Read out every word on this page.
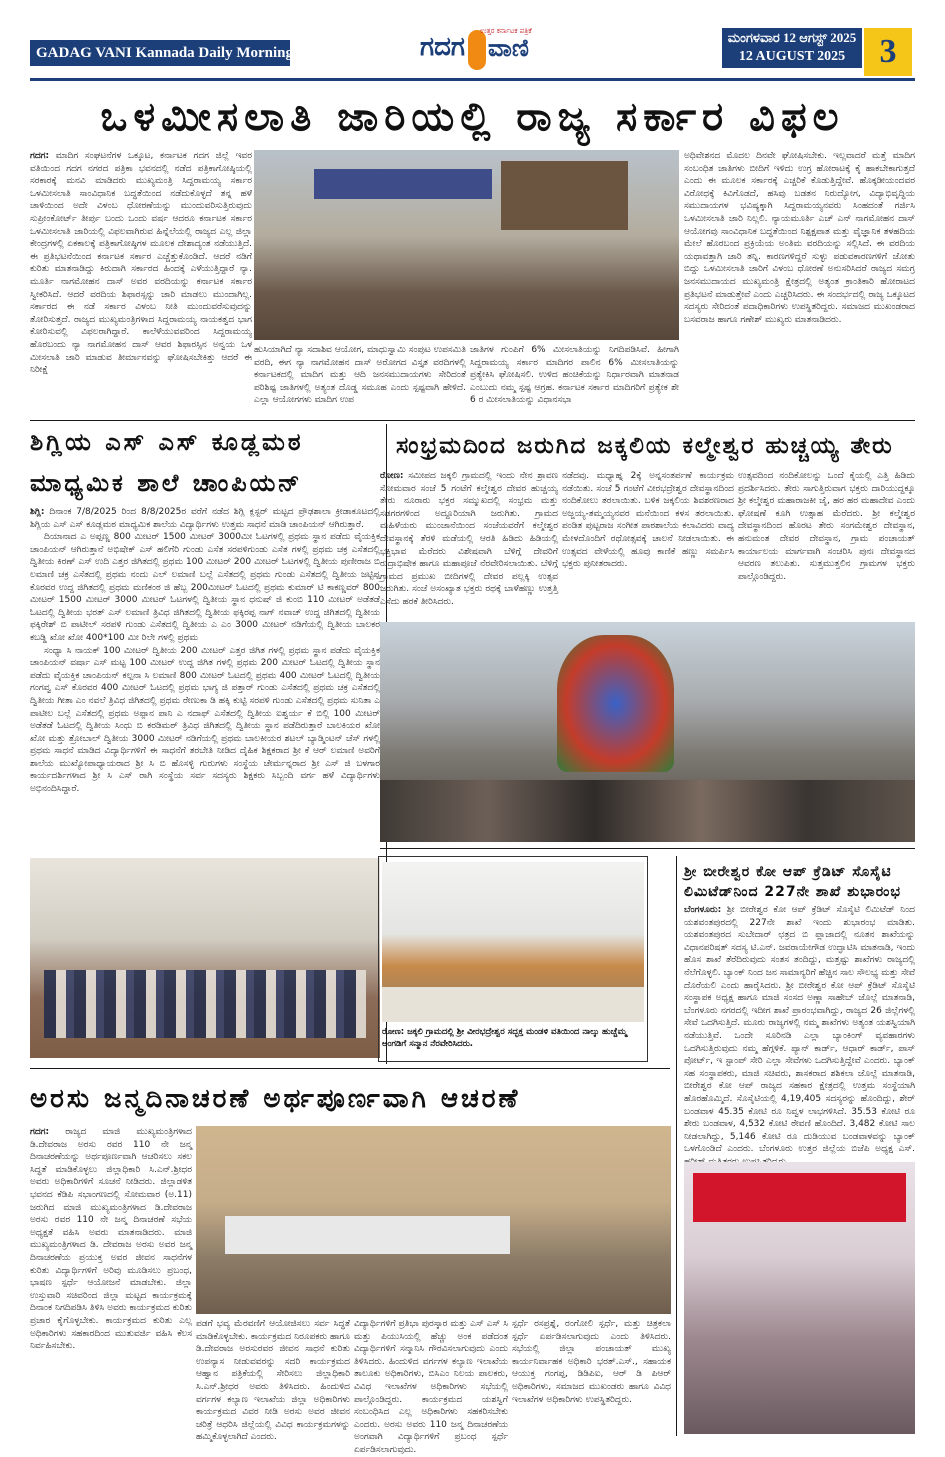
GADAG VANI Kannada Daily Morning	ಗದಗ
ಉತ್ತರ ಕರ್ನಾಟಕ ಪತ್ರಿಕೆ
ವಾಣಿ	ಮಂಗಳವಾರ 12 ಆಗಸ್ಟ್ 2025
12 AUGUST 2025	3
ಒಳಮೀಸಲಾತಿ ಜಾರಿಯಲ್ಲಿ ರಾಜ್ಯ ಸರ್ಕಾರ ವಿಫಲ
ಗದಗ: ಮಾದಿಗ ಸಂಘಟನೆಗಳ ಒಕ್ಕೂಟ, ಕರ್ನಾಟಕ ಗದಗ ಜಿಲ್ಲೆ ಇವರ ವತಿಯಿಂದ ಗದಗ ನಗರದ ಪತ್ರಿಕಾ ಭವನದಲ್ಲಿ ನಡೆದ ಪತ್ರಿಕಾಗೋಷ್ಠಿಯಲ್ಲಿ ಸರಕಾರಕ್ಕೆ ಮನವಿ ಮಾಡಿದರು ಮುಖ್ಯಮಂತ್ರಿ ಸಿದ್ದರಾಮಯ್ಯ ಸರ್ಕಾರ ಒಳಮೀಸಲಾತಿ ಸಾಂವಿಧಾನಿಕ ಬದ್ಧತೆಯಿಂದ ನಡೆದುಕೊಳ್ಳದೆ ತನ್ನ ಹಳೆ ಚಾಳಿಯಿಂದ ಅದೇ ವಿಳಂಬ ಧೋರಣೆಯನ್ನು ಮುಂದುವರಿಸುತ್ತಿರುವುದು ಸುಪ್ರೀಂಕೋರ್ಟ್ ತೀರ್ಪು ಬಂದು ಒಂದು ವರ್ಷ ಆದರೂ ಕರ್ನಾಟಕ ಸರ್ಕಾರ ಒಳಮೀಸಲಾತಿ ಜಾರಿಯಲ್ಲಿ ವಿಫಲವಾಗಿರುವ ಹಿನ್ನೆಲೆಯಲ್ಲಿ ರಾಜ್ಯದ ಎಲ್ಲ ಜಿಲ್ಲಾ ಕೇಂದ್ರಗಳಲ್ಲಿ ಏಕಕಾಲಕ್ಕೆ ಪತ್ರಿಕಾಗೋಷ್ಠಿಗಳ ಮೂಲಕ ದೇಶಾದ್ಯಂತ ನಡೆಯುತ್ತಿದೆ. ಈ ಪ್ರತಿಭಟನೆಯಿಂದ ಕರ್ನಾಟಕ ಸರ್ಕಾರ ಎಚ್ಚೆತ್ತುಕೊಂಡಿದೆ. ಆದರೆ ನಡಿಗೆ ಕುರಿತು ಮಾತನಾಡಿದ್ದು ಕಿರುದಾಗಿ ಸರ್ಕಾರದ ಹಿಂದಕ್ಕೆ ಎಳೆಯುತ್ತಿದ್ದಾರೆ ನ್ಯಾ. ಮೂರ್ತಿ ನಾಗಮೋಹನ ದಾಸ್ ಅವರ ವರದಿಯನ್ನು ಕರ್ನಾಟಕ ಸರ್ಕಾರ ಸ್ವೀಕರಿಸಿದೆ. ಆದರೆ ವರದಿಯ ಶಿಫಾರಸ್ಸನ್ನು ಜಾರಿ ಮಾಡಲು ಮುಂದಾಗಿಲ್ಲ. ಸರ್ಕಾರದ ಈ ನಡೆ ಸರ್ಕಾರ ವಿಳಂಬ ನೀತಿ ಮುಂದುವರೆಸುವುದನ್ನು ತೋರಿಸುತ್ತದೆ. ರಾಜ್ಯದ ಮುಖ್ಯಮಂತ್ರಿಗಳಾದ ಸಿದ್ದರಾಮಯ್ಯ ನಾಯಕತ್ವದ ಭಾಗ ಕೋರಿಸುವಲ್ಲಿ ವಿಫಲರಾಗಿದ್ದಾರೆ. ಕಾಲೆಳೆಯುವವರಿಂದ ಸಿದ್ದರಾಮಯ್ಯ ಹೊರಬಂದು ನ್ಯಾ ನಾಗಮೋಹನ ದಾಸ್ ಆವರ ಶಿಫಾರಸ್ಸಿನ ಅನ್ವಯ ಒಳ ಮೀಸಲಾತಿ ಜಾರಿ ಮಾಡುವ ತೀರ್ಮಾನವನ್ನು ಘೋಷಿಸಬೇಕಿತ್ತು ಆದರೆ ಈ ನಿರೀಕ್ಷೆ
ಹುಸಿಯಾಗಿದೆ ನ್ಯಾ ಸದಾಶಿವ ಆಯೋಗ, ಮಾಧುಸ್ವಾಮಿ ಸಂಪುಟ ಉಪಸಮಿತಿ ವರದಿ, ಈಗ ನ್ಯಾ ನಾಗಮೋಹನ ದಾಸ್ ಅರೋಗದ ವಿಸ್ತೃತ ವರದಿಗಳಲ್ಲಿ ಕರ್ನಾಟಕದಲ್ಲಿ ಮಾದಿಗ ಮತ್ತು ಆದಿ ಜನಸಮುದಾಯಗಳು ಸೇರಿದಂತೆ ಪರಿಶಿಷ್ಟ ಜಾತಿಗಳಲ್ಲಿ ಅತ್ಯಂತ ದೊಡ್ಡ ಸಮೂಹ ಎಂದು ಸ್ಪಷ್ಟವಾಗಿ ಹೇಳಿದೆ. ಎಲ್ಲಾ ಆಯೋಗಗಳು ಮಾದಿಗ ಉಪ
ಜಾತಿಗಳ ಗುಂಪಿಗೆ 6% ಮೀಸಲಾತಿಯನ್ನು ನಿಗದಿಪಡಿಸಿವೆ. ಹೀಗಾಗಿ ಸಿದ್ದರಾಮಯ್ಯ ಸರ್ಕಾರ ಮಾದಿಗರ ಪಾಲಿನ 6% ಮೀಸಲಾತಿಯನ್ನು ಪ್ರತ್ಯೇಕಿಸಿ ಘೋಷಿಸಲಿ. ಉಳಿದ ಹಂಚಿಕೆಯನ್ನು ನಿರ್ಧಾರವಾಗಿ ಮಾತನಾಡ ಎಂಬುದು ನಮ್ಮ ಸ್ಪಷ್ಟ ಆಗ್ರಹ. ಕರ್ನಾಟಕ ಸರ್ಕಾರ ಮಾದಿಗರಿಗೆ ಪ್ರತ್ಯೇಕ ಶೇ 6 ರ ಮೀಸಲಾತಿಯನ್ನು ವಿಧಾನಸಭಾ
ಅಧಿವೇಶನದ ಮೊದಲ ದಿನವೇ ಘೋಷಿಸಬೇಕು. ಇಲ್ಲವಾದರೆ ಮತ್ತೆ ಮಾದಿಗ ಸಂಬಂಧಿತ ಜಾತಿಗಳು ಬೀದಿಗೆ ಇಳಿದು ಉಗ್ರ ಹೋರಾಟಕ್ಕೆ ಕೈ ಹಾಕಬೇಕಾಗುತ್ತದೆ ಎಂದು ಈ ಮೂಲಕ ಸರ್ಕಾರಕ್ಕೆ ಎಚ್ಚರಿಕೆ ಕೊಡುತ್ತಿದ್ದೇವೆ. ಹೊಕ್ಕಡೀಯಂದವರ ವಿರೋಧಕ್ಕೆ ಕಿವಿಗೊಡದೆ, ಹಸಿವು ಬಡತನ ನಿರುದ್ಯೋಗ, ವಿದ್ಯಾಭಿವೃದ್ಧಿಯ ಸಮುದಾಯಗಳ ಭವಿಷ್ಯಕ್ಕಾಗಿ ಸಿದ್ದರಾಮಯ್ಯನವರು ಸಿಂಹದಂತೆ ಗರ್ಜಿಸಿ ಒಳಮೀಸಲಾತಿ ಜಾರಿ ನಿಲ್ಲಲಿ. ನ್ಯಾಯಮೂರ್ತಿ ಎಚ್ ಎನ್ ನಾಗಮೋಹನ ದಾಸ್ ಆಯೋಗವು ಸಾಂವಿಧಾನಿಕ ಬದ್ಧತೆಯಿಂದ ನಿಶ್ಪಕ್ಷಪಾತ ಮತ್ತು ವೈಜ್ಞಾನಿಕ ತಳಹದಿಯ ಮೇಲೆ ಹೊರಬಂದ ಪ್ರಕ್ರಿಯೆಯ ಅಂತಿಮ ವರದಿಯನ್ನು ಸಲ್ಲಿಸಿದೆ. ಈ ವರದಿಯ ಯಥಾವತ್ತಾಗಿ ಜಾರಿ ತನ್ನಿ. ಕಾರಣಗಳಿದ್ದರೆ ಸುಳ್ಳು ಪಡುವಕಾರಣಗಳಿಗೆ ಜೋತು ಬಿದ್ದು ಒಳಮೀಸಲಾತಿ ಜಾರಿಗೆ ವಿಳಂಬ ಧೋರಣೆ ಅನುಸರಿಸಿದರೆ ರಾಜ್ಯದ ಸಮಗ್ರ ಜನಸಮುದಾಯದ ಮುಖ್ಯಮಂತ್ರಿ ಕ್ಷೇತ್ರದಲ್ಲಿ ಅತ್ಯಂತ ಕ್ರಾಂತಿಕಾರಿ ಹೋರಾಟದ ಪ್ರತಿಭಟನೆ ಮಾಡುತ್ತೇವೆ ಎಂದು ಎಚ್ಚರಿಸಿದರು. ಈ ಸಂದರ್ಭದಲ್ಲಿ ರಾಜ್ಯ ಒಕ್ಕೂಟದ ಸದಸ್ಯರು ಸೇರಿದಂತೆ ಪದಾಧಿಕಾರಿಗಳು ಉಪಸ್ಥಿತರಿದ್ದರು. ಸಮಾಜದ ಮುಖಂಡರಾದ ಬಸವರಾಜ ಹಾಗೂ ಗಣೇಶ್ ಮುಖ್ಯರು ಮಾತನಾಡಿದರು.
ಶಿಗ್ಲಿಯ ಎಸ್ ಎಸ್ ಕೂಡ್ಲಮಠ
ಮಾಧ್ಯಮಿಕ ಶಾಲೆ ಚಾಂಪಿಯನ್

ಶಿಗ್ಲಿ: ದಿನಾಂಕ 7/8/2025 ರಿಂದ 8/8/2025ರ ವರೆಗೆ ನಡೆದ ಶಿಗ್ಲಿ ಕ್ಲಸ್ಟರ್ ಮಟ್ಟದ ಪ್ರೌಢಶಾಲಾ ಕ್ರೀಡಾಕೂಟದಲ್ಲಿ ಶಿಗ್ಲಿಯ ಎಸ್ ಎಸ್ ಕೂಡ್ಲಮಠ ಮಾಧ್ಯಮಿಕ ಶಾಲೆಯ ವಿದ್ಯಾರ್ಥಿಗಳು ಉತ್ತಮ ಸಾಧನೆ ಮಾಡಿ ಚಾಂಪಿಯನ್ ಆಗಿರುತ್ತಾರೆ.

ದಿಯಾನಾದ ಎ ಅಪ್ಪಣ್ಣ 800 ಮೀಟರ್ 1500 ಮೀಟರ್ 3000ಮೀ ಓಟಗಳಲ್ಲಿ ಪ್ರಥಮ ಸ್ಥಾನ ಪಡೆದು ವೈಯಕ್ತಿಕ ಚಾಂಪಿಯನ್ ಆಗಿರುತ್ತಾನೆ ಅಭಿಷೇಕ್ ಎಸ್ ಹಲಿಗೆರಿ ಗುಂಡು ಎಸೆತ ಸರಪಳಿಗುಂಡು ಎಸೆತ ಗಳಲ್ಲಿ ಪ್ರಥಮ ಚಕ್ರ ಎಸೆತದಲ್ಲಿ ದ್ವಿತೀಯ ಕಿರಣ್ ಎಸ್ ಉದಿ ಎತ್ತರ ಜಿಗಿತದಲ್ಲಿ ಪ್ರಥಮ 100 ಮೀಟರ್ 200 ಮೀಟರ್ ಓಟಗಳಲ್ಲಿ ದ್ವಿತೀಯ ಪುಣೀರಾಜ ಬಿ ಲಮಾಣಿ ಚಕ್ರ ಎಸೆತದಲ್ಲಿ ಪ್ರಥಮ ನಂದು ಎಲ್ ಲಮಾಣಿ ಬಲ್ಲೆ ಎಸೆತದಲ್ಲಿ ಪ್ರಥಮ ಗುಂಡು ಎಸೆತದಲ್ಲಿ ದ್ವಿತೀಯ ಜಟ್ಟಿಪ್ಪ ಕೊರವರ ಉದ್ದ ಜಿಗಿತದಲ್ಲಿ ಪ್ರಥಮ ಮಣಿಕಂಠ ಜಿ ಹೆಬ್ಬ 200ಮೀಟರ್ ಓಟದಲ್ಲಿ ಪ್ರಥಮ ಕುಮಾರ್ ಟಿ ಕಾಕಣ್ಣವರ್ 800 ಮೀಟರ್ 1500 ಮೀಟರ್ 3000 ಮೀಟರ್ ಓಟಗಳಲ್ಲಿ ದ್ವಿತೀಯ ಸ್ಥಾನ ಧನುಷ್ ಜಿ ಕುಂಬಿ 110 ಮೀಟರ್ ಅಡೆತಡೆ ಓಟದಲ್ಲಿ ದ್ವಿತೀಯ ಭರತ್ ಎಸ್ ಲಮಾಣಿ ತ್ರಿವಿಧ ಜಿಗಿತದಲ್ಲಿ ದ್ವಿತೀಯ ಫಕ್ಕಿರಪ್ಪ ನಾಗ್ ನವಾಜ್ ಉದ್ದ ಜಿಗಿತದಲ್ಲಿ ದ್ವಿತೀಯ ಫಕ್ಕಿರೇಶ್ ಬಿ ಪಾಟೀಲ್ ಸರಪಳಿ ಗುಂಡು ಎಸೆತದಲ್ಲಿ ದ್ವಿತೀಯ ಎ ಎಂ 3000 ಮೀಟರ್ ನಡಿಗೆಯಲ್ಲಿ ದ್ವಿತೀಯ ಬಾಲಕರ ಕಬಡ್ಡಿ ಖೋ ಖೋ 400*100 ಮೀ ರಿಲೇ ಗಳಲ್ಲಿ ಪ್ರಥಮ

ಸಂಧ್ಯಾ ಸಿ ನಾಯಕ್ 100 ಮೀಟರ್ ದ್ವಿತೀಯ 200 ಮೀಟರ್ ಎತ್ತರ ಜಿಗಿತ ಗಳಲ್ಲಿ ಪ್ರಥಮ ಸ್ಥಾನ ಪಡೆದು ವೈಯಕ್ತಿಕ ಚಾಂಪಿಯನ್ ವರ್ಷಾ ಎಸ್ ಮಟ್ಟ 100 ಮೀಟರ್ ಉದ್ದ ಜಿಗಿತ ಗಳಲ್ಲಿ ಪ್ರಥಮ 200 ಮೀಟರ್ ಓಟದಲ್ಲಿ ದ್ವಿತೀಯ ಸ್ಥಾನ ಪಡೆದು ವೈಯಕ್ತಿಕ ಚಾಂಪಿಯನ್ ಕಲ್ಪನಾ ಸಿ ಲಮಾಣಿ 800 ಮೀಟರ್ ಓಟದಲ್ಲಿ ಪ್ರಥಮ 400 ಮೀಟರ್ ಓಟದಲ್ಲಿ ದ್ವಿತೀಯ ಗಂಗವ್ವ ಎಸ್ ಕೊರವರ 400 ಮೀಟರ್ ಓಟದಲ್ಲಿ ಪ್ರಥಮ ಭಾಗ್ಯ ಜಿ ಪತ್ತಾರ್ ಗುಂಡು ಎಸೆತದಲ್ಲಿ ಪ್ರಥಮ ಚಕ್ರ ಎಸೆತದಲ್ಲಿ ದ್ವಿತೀಯ ಗೀತಾ ಎಂ ನವಲೆ ತ್ರಿವಿಧ ಜಿಗಿತದಲ್ಲಿ ಪ್ರಥಮ ರೇಣುಕಾ ಡಿ ಹಕ್ಕಿ ಕುಟ್ಟಿ ಸರಪಳಿ ಗುಂಡು ಎಸೆತದಲ್ಲಿ ಪ್ರಥಮ ಸುನಿತಾ ಎ ಪಾಟೀಲ ಬಲ್ಲೆ ಎಸೆತದಲ್ಲಿ ಪ್ರಥಮ ಅಪ್ಪಾನ ಪಾನಿ ಎ ನದಾಫ್ ಎಸೆತದಲ್ಲಿ ದ್ವಿತೀಯ ಐಶ್ವರ್ಯ ಕೆ ಬಿಲ್ಲಿ 100 ಮೀಟರ್ ಅಡೆತಡೆ ಓಟದಲ್ಲಿ ದ್ವಿತೀಯ ಸಿಂಧು ಬಿ ಕರಡಿಮಠ್ ತ್ರಿವಿಧ ಜಿಗಿತದಲ್ಲಿ ದ್ವಿತೀಯ ಸ್ಥಾನ ಪಡೆದಿರುತ್ತಾರೆ ಬಾಲಕಿಯರ ಖೋ ಖೋ ಮತ್ತು ತ್ರೋಬಾಲ್ ದ್ವಿತೀಯ 3000 ಮೀಟರ್ ನಡಿಗೆಯಲ್ಲಿ ಪ್ರಥಮ ಬಾಲಕೀಯರ ಶಟಲ್ ಬ್ಯಾಡ್ಮಿಂಟನ್ ಚೆಸ್ ಗಳಲ್ಲಿ ಪ್ರಥಮ ಸಾಧನೆ ಮಾಡಿದ ವಿದ್ಯಾರ್ಥಿಗಳಿಗೆ ಈ ಸಾಧನೆಗೆ ತರಬೇತಿ ನೀಡಿದ ದೈಹಿಕ ಶಿಕ್ಷಕರಾದ ಶ್ರೀ ಕೆ ಆರ್ ಲಮಾಣಿ ಅವರಿಗೆ ಶಾಲೆಯ ಮುಖ್ಯೋಪಾಧ್ಯಾಯರಾದ ಶ್ರೀ ಸಿ ಬಿ ಹೊಸಳ್ಳಿ ಗುರುಗಳು ಸಂಸ್ಥೆಯ ಚೇರ್ಮನ್ನರಾದ ಶ್ರೀ ಎಸ್ ಜಿ ಬಳಗಾರ ಕಾರ್ಯದರ್ಶಿಗಳಾದ ಶ್ರೀ ಸಿ ಎಸ್ ರಾಗಿ ಸಂಸ್ಥೆಯ ಸರ್ವ ಸದಸ್ಯರು ಶಿಕ್ಷಕರು ಸಿಬ್ಬಂದಿ ವರ್ಗ ಹಳೆ ವಿದ್ಯಾರ್ಥಿಗಳು ಅಭಿನಂದಿಸಿದ್ದಾರೆ.

ಸಂಭ್ರಮದಿಂದ ಜರುಗಿದ ಜಕ್ಕಲಿಯ ಕಲ್ಮೇಶ್ವರ ಹುಚ್ಚಯ್ಯ ತೇರು
ರೋಣ: ಸಮೀಪದ ಜಕ್ಕಲಿ ಗ್ರಾಮದಲ್ಲಿ ಇಂದು ನೇನ ಶ್ರಾವಣ ಸೋಮವಾರ ಸಂಜೆ 5 ಗಂಟೆಗೆ ಕಲ್ಮೇಶ್ವರ ದೇವರ ಹುಚ್ಚಯ್ಯ ತೇರು ನೂರಾರು ಭಕ್ತರ ಸಮ್ಮುಖದಲ್ಲಿ ಸಂಭ್ರಮ ಮತ್ತು ಸಡಗರಗಳಿಂದ ಅದ್ದೂರಿಯಾಗಿ ಜರುಗಿತು. ಗ್ರಾಮದ ಮಹಿಳೆಯರು ಮುಂಜಾನೆಯಿಂದ ಸಂಜೆಯವರೆಗೆ ಕಲ್ಮೇಶ್ವರ ದೇವಸ್ಥಾನಕ್ಕೆ ತೆರಳಿ ಮಡೆಯಲ್ಲಿ ಆರತಿ ಹಿಡಿದು ಹಿಡಿಯಲ್ಲಿ ಭಕ್ತಿಭಾವ ಮೆರೆದರು ವಿಶೇಷವಾಗಿ ಬೆಳಿಗ್ಗೆ ದೇವರಿಗೆ ರುದ್ರಾಭಿಷೇಕ ಹಾಗೂ ಮಹಾಪೂಜೆ ನೆರವೇರಿಸಲಾಯಿತು. ಬೆಳಿಗ್ಗೆ ಗ್ರಾಮದ ಪ್ರಮುಖ ಬೀದಿಗಳಲ್ಲಿ ದೇವರ ಪಲ್ಲಕ್ಕಿ ಉತ್ಸವ ಜರುಗಿತು. ಸಂಜೆ ಅಸಂಖ್ಯಾತ ಭಕ್ತರು ರಥಕ್ಕೆ ಬಾಳೆಹಣ್ಣು ಉತ್ತತ್ತಿ ಎಸೆದು ಹರಕೆ ತೀರಿಸಿದರು.
ನಡೆದವು. ಮಧ್ಯಾಹ್ನ 2ಕ್ಕೆ ಅನ್ನಸಂತರ್ಪಣೆ ಕಾರ್ಯಕ್ರಮ ನಡೆಯಿತು. ಸಂಜೆ 5 ಗಂಟೆಗೆ ವೀರಭದ್ರೇಶ್ವರ ದೇವಸ್ಥಾನದಿಂದ ನಂದಿಕೋಲು ತರಲಾಯಿತು. ಬಳಿಕ ಜಕ್ಕಲಿಯ ಶಿವಶರಣರಾದ ಅಜ್ಜಯ್ಯ-ತಮ್ಮಯ್ಯನವರ ಮನೆಯಿಂದ ಕಳಸ ತರಲಾಯಿತು. ಪಂಡಿತ ಪುಟ್ಟರಾಜ ಸಂಗೀತ ಪಾಠಶಾಲೆಯ ಕಲಾವಿದರು ವಾದ್ಯ ಮೇಳದೊಂದಿಗೆ ರಥೋತ್ಸವಕ್ಕೆ ಚಾಲನೆ ನೀಡಲಾಯಿತು. ಈ ಉತ್ಸವದ ವೇಳೆಯಲ್ಲಿ ಹೂವು ಕಾಣಿಕೆ ಹಣ್ಣು ಸಮರ್ಪಿಸಿ ಭಕ್ತರು ಪುನೀತರಾದರು.
ಉತ್ಸವದಿಂದ ನಂದಿಕೋಲನ್ನು ಒಂದೆ ಕೈಯಲ್ಲಿ ಎತ್ತಿ ಹಿಡಿದು ಪ್ರದರ್ಶಿಸಿದರು. ತೇರು ಸಾಗುತ್ತಿರುವಾಗ ಭಕ್ತರು ದಾರಿಯುದ್ದಕ್ಕೂ ಶ್ರೀ ಕಲ್ಮೇಶ್ವರ ಮಹಾರಾಜಕೀ ಜೈ, ಹರ ಹರ ಮಹಾದೇವ ಎಂದು ಘೋಷಣೆ ಕೂಗಿ ಉತ್ಸಾಹ ಮೆರೆದರು. ಶ್ರೀ ಕಲ್ಮೇಶ್ವರ ದೇವಸ್ಥಾನದಿಂದ ಹೊರಟ ತೇರು ಸಂಗಮೇಶ್ವರ ದೇವಸ್ಥಾನ, ಹನುಮಂತ ದೇವರ ದೇವಸ್ಥಾನ, ಗ್ರಾಮ ಪಂಚಾಯತ್ ಕಾರ್ಯಾಲಯ ಮಾರ್ಗವಾಗಿ ಸಂಚರಿಸಿ ಪುನಃ ದೇವಸ್ಥಾನದ ಆವರಣ ತಲುಪಿತು. ಸುತ್ತಮುತ್ತಲಿನ ಗ್ರಾಮಗಳ ಭಕ್ತರು ಪಾಲ್ಗೊಂಡಿದ್ದರು.
ರೋಣ: ಜಕ್ಕಲಿ ಗ್ರಾಮದಲ್ಲಿ ಶ್ರೀ ವೀರಭದ್ರೇಶ್ವರ ಸದ್ಭಕ್ತ ಮಂಡಳಿ ವತಿಯಿಂದ ನಾಲ್ಕು ಹುಚ್ಚೆಮ್ಮ ಅಂಗಡಿಗೆ ಸನ್ಮಾನ ನೆರವೇರಿಸಿದರು.
ಶ್ರೀ ಬೀರೇಶ್ವರ ಕೋ ಆಪ್ ಕ್ರೆಡಿಟ್ ಸೊಸೈಟಿ ಲಿಮಿಟೆಡ್‌ನಿಂದ 227ನೇ ಶಾಖೆ ಶುಭಾರಂಭ
ಬೆಂಗಳೂರು: ಶ್ರೀ ಬೀರೇಶ್ವರ ಕೋ ಆಪ್ ಕ್ರೆಡಿಟ್ ಸೊಸೈಟಿ ಲಿಮಿಟೆಡ್ ನಿಂದ ಯಶವಂತಪುರದಲ್ಲಿ 227ನೇ ಶಾಖೆ ಇಂದು ಶುಭಾರಂಭ ಮಾಡಿತು. ಯಶವಂತಪುರದ ಸುಬೇದಾರ್ ಛತ್ರದ ಬಿ ಪ್ಲಾಜಾದಲ್ಲಿ ನೂತನ ಶಾಖೆಯನ್ನು ವಿಧಾನಪರಿಷತ್ ಸದಸ್ಯ ಟಿ.ಎನ್. ಜವರಾಯೇಗೌಡ ಉದ್ಘಾಟಿಸಿ ಮಾತನಾಡಿ, ಇಂದು ಹೊಸ ಶಾಖೆ ತೆರೆದಿರುವುದು ಸಂತಸ ತಂದಿದ್ದು, ಮತ್ತಷ್ಟು ಶಾಖೆಗಳು ರಾಜ್ಯದಲ್ಲಿ ನೆಲೆಗೊಳ್ಳಲಿ. ಬ್ಯಾಂಕ್ ನಿಂದ ಜನ ಸಾಮಾನ್ಯರಿಗೆ ಹೆಚ್ಚಿನ ಸಾಲ ಸೌಲಭ್ಯ ಮತ್ತು ಸೇವೆ ದೊರೆಯಲಿ ಎಂದು ಹಾರೈಸಿದರು. ಶ್ರೀ ಬೀರೇಶ್ವರ ಕೋ ಆಪ್ ಕ್ರೆಡಿಟ್ ಸೊಸೈಟಿ ಸಂಸ್ಥಾಪಕ ಅಧ್ಯಕ್ಷ ಹಾಗೂ ಮಾಜಿ ಸಂಸದ ಅಣ್ಣಾ ಸಾಹೇಬ್ ಜೊಲ್ಲೆ ಮಾತನಾಡಿ, ಬೆಂಗಳೂರು ನಗರದಲ್ಲಿ ಇದೀಗ ಶಾಖೆ ಪ್ರಾರಂಭವಾಗಿದ್ದು, ರಾಜ್ಯದ 26 ಜಿಲ್ಲೆಗಳಲ್ಲಿ ಸೇವೆ ಒದಗಿಸುತ್ತಿದೆ. ಮೂರು ರಾಜ್ಯಗಳಲ್ಲಿ ನಮ್ಮ ಶಾಖೆಗಳು ಅತ್ಯಂತ ಯಶಸ್ವಿಯಾಗಿ ನಡೆಯುತ್ತಿವೆ. ಒಂದೇ ಸೂರಿನಡಿ ಎಲ್ಲಾ ಬ್ಯಾಂಕಿಂಗ್ ವ್ಯವಹಾರಗಳು ಒದಗಿಸುತ್ತಿರುವುದು ನಮ್ಮ ಹೆಗ್ಗಳಿಕೆ. ಪ್ಯಾನ್ ಕಾರ್ಡ್, ಆಧಾರ್ ಕಾರ್ಡ್, ಪಾಸ್ ಪೋರ್ಟ್, ಇ ಸ್ಟಾಂಪ್ ಸೇರಿ ಎಲ್ಲಾ ಸೇವೆಗಳು ಒದಗಿಸುತ್ತಿದ್ದೇವೆ ಎಂದರು. ಬ್ಯಾಂಕ್ ಸಹ ಸಂಸ್ಥಾಪಕರು, ಮಾಜಿ ಸಚಿವರು, ಶಾಸಕರಾದ ಶಶಿಕಲಾ ಜೊಲ್ಲೆ ಮಾತನಾಡಿ, ಬೀರೇಶ್ವರ ಕೋ ಆಪ್ ರಾಜ್ಯದ ಸಹಕಾರ ಕ್ಷೇತ್ರದಲ್ಲಿ ಉತ್ತಮ ಸಂಸ್ಥೆಯಾಗಿ ಹೊರಹೊಮ್ಮಿದೆ. ಸೊಸೈಟಿಯಲ್ಲಿ 4,19,405 ಸದಸ್ಯರನ್ನು ಹೊಂದಿದ್ದು, ಶೇರ್ ಬಂಡವಾಳ 45.35 ಕೋಟಿ ರೂ ನಿವ್ವಳ ಲಾಭಗಳಿಸಿದೆ. 35.53 ಕೋಟಿ ರೂ ಶೇರು ಬಂಡವಾಳ, 4,532 ಕೋಟಿ ಠೇವಣಿ ಹೊಂದಿದೆ. 3,482 ಕೋಟಿ ಸಾಲ ನೀಡಲಾಗಿದ್ದು, 5,146 ಕೋಟಿ ರೂ ದುಡಿಯುವ ಬಂಡವಾಳವನ್ನು ಬ್ಯಾಂಕ್ ಒಳಗೊಂಡಿದೆ ಎಂದರು. ಬೆಂಗಳೂರು ಉತ್ತರ ಜಿಲ್ಲೆಯ ಬಿಜೆಪಿ ಅಧ್ಯಕ್ಷ ಎಸ್.
ಅರಸು ಜನ್ಮದಿನಾಚರಣೆ ಅರ್ಥಪೂರ್ಣವಾಗಿ ಆಚರಣೆ
ಗದಗ: ರಾಜ್ಯದ ಮಾಜಿ ಮುಖ್ಯಮಂತ್ರಿಗಳಾದ ಡಿ.ದೇವರಾಜ ಅರಸು ರವರ 110 ನೇ ಜನ್ಮ ದಿನಾಚರಣೆಯನ್ನು ಅರ್ಥಪೂರ್ಣವಾಗಿ ಆಚರಿಸಲು ಸಕಲ ಸಿದ್ಧತೆ ಮಾಡಿಕೊಳ್ಳಲು ಜಿಲ್ಲಾಧಿಕಾರಿ ಸಿ.ಎನ್.ಶ್ರೀಧರ ಅವರು ಅಧಿಕಾರಿಗಳಿಗೆ ಸೂಚನೆ ನೀಡಿದರು. ಜಿಲ್ಲಾಡಳಿತ ಭವನದ ಕೆಡಿಪಿ ಸಭಾಂಗಣದಲ್ಲಿ ಸೋಮವಾರ (ಅ.11) ಜರುಗಿದ ಮಾಜಿ ಮುಖ್ಯಮಂತ್ರಿಗಳಾದ ಡಿ.ದೇವರಾಜ ಅರಸು ರವರ 110 ನೇ ಜನ್ಮ ದಿನಾಚರಣೆ ಸಭೆಯ ಅಧ್ಯಕ್ಷತೆ ವಹಿಸಿ ಅವರು ಮಾತನಾಡಿದರು. ಮಾಜಿ ಮುಖ್ಯಮಂತ್ರಿಗಳಾದ ಡಿ. ದೇವರಾಜ ಅರಸು ಅವರ ಜನ್ಮ ದಿನಾಚರಣೆಯ ಪ್ರಯುಕ್ತ ಅವರ ಜೀವನ ಸಾಧನೆಗಳ ಕುರಿತು ವಿದ್ಯಾರ್ಥಿಗಳಿಗೆ ಅರಿವು ಮೂಡಿಸಲು ಪ್ರಬಂಧ, ಭಾಷಣ ಸ್ಪರ್ಧೆ ಆಯೋಜನೆ ಮಾಡಬೇಕು. ಜಿಲ್ಲಾ ಉಸ್ತುವಾರಿ ಸಚಿವರಿಂದ ಜಿಲ್ಲಾ ಮಟ್ಟದ ಕಾರ್ಯಕ್ರಮಕ್ಕೆ ದಿನಾಂಕ ನಿಗದಿಪಡಿಸಿ ತಿಳಿಸಿ ಅವರು ಕಾರ್ಯಕ್ರಮದ ಕುರಿತು ಪ್ರಚಾರ ಕೈಗೊಳ್ಳಬೇಕು. ಕಾರ್ಯಕ್ರಮದ ಕುರಿತು ಎಲ್ಲ ಅಧಿಕಾರಿಗಳು ಸಹಕಾರದಿಂದ ಮುತುವರ್ಜಿ ವಹಿಸಿ ಕೆಲಸ ನಿರ್ವಹಿಸಬೇಕು.
ಪಡಗೆ ಭವ್ಯ ಮೆರವಣಿಗೆ ಆಯೋಜಿಸಲು ಸರ್ವ ಸಿದ್ಧತೆ ಮಾಡಿಕೊಳ್ಳಬೇಕು. ಕಾರ್ಯಕ್ರಮದ ನಿರೂಪಕರು ಹಾಗೂ ಡಿ.ದೇವರಾಜ ಅರಸುರವರ ಜೀವನ ಸಾಧನೆ ಕುರಿತು ಉಪನ್ಯಾಸ ನೀಡುವವರನ್ನು ಸದರಿ ಕಾರ್ಯಕ್ರಮದ ಆಹ್ವಾನ ಪತ್ರಿಕೆಯಲ್ಲಿ ಸೇರಿಸಲು ಜಿಲ್ಲಾಧಿಕಾರಿ ಸಿ.ಎನ್.ಶ್ರೀಧರ ಅವರು ತಿಳಿಸಿದರು. ಹಿಂದುಳಿದ ವರ್ಗಗಳ ಕಲ್ಯಾಣ ಇಲಾಖೆಯ ಜಿಲ್ಲಾ ಅಧಿಕಾರಿಗಳು ಕಾರ್ಯಕ್ರಮದ ವಿವರ ನೀಡಿ ಅರಸು ಅವರ ಜೀವನ ಚರಿತ್ರೆ ಆಧರಿಸಿ ಜಿಲ್ಲೆಯಲ್ಲಿ ವಿವಿಧ ಕಾರ್ಯಕ್ರಮಗಳನ್ನು ಹಮ್ಮಿಕೊಳ್ಳಲಾಗಿದೆ ಎಂದರು.
ವಿದ್ಯಾರ್ಥಿಗಳಿಗೆ ಪ್ರತಿಭಾ ಪುರಸ್ಕಾರ ಮತ್ತು ಎಸ್ ಎಸ್ ಸಿ ಮತ್ತು ಪಿಯುಸಿಯಲ್ಲಿ ಹೆಚ್ಚು ಅಂಕ ಪಡೆದಂತ ವಿದ್ಯಾರ್ಥಿಗಳಿಗೆ ಸನ್ಮಾನಿಸಿ ಗೌರವಿಸಲಾಗುವುದು ಎಂದು ತಿಳಿಸಿದರು. ಹಿಂದುಳಿದ ವರ್ಗಗಳ ಕಲ್ಯಾಣ ಇಲಾಖೆಯ ತಾಲೂಕು ಅಧಿಕಾರಿಗಳು, ಬಿಸಿಎಂ ನಿಲಯ ಪಾಲಕರು, ವಿವಿಧ ಇಲಾಖೆಗಳ ಅಧಿಕಾರಿಗಳು ಸಭೆಯಲ್ಲಿ ಪಾಲ್ಗೊಂಡಿದ್ದರು. ಕಾರ್ಯಕ್ರಮದ ಯಶಸ್ವಿಗೆ ಸಂಬಂಧಿಸಿದ ಎಲ್ಲ ಅಧಿಕಾರಿಗಳು ಸಹಕರಿಸಬೇಕು ಎಂದರು. ಅರಸು ಅವರು 110 ಜನ್ಮ ದಿನಾಚರಣೆಯ ಅಂಗವಾಗಿ ವಿದ್ಯಾರ್ಥಿಗಳಿಗೆ ಪ್ರಬಂಧ ಸ್ಪರ್ಧೆ ಏರ್ಪಡಿಸಲಾಗುವುದು.
ಸ್ಪರ್ಧೆ ರಸಪ್ರಶ್ನೆ, ರಂಗೋಲಿ ಸ್ಪರ್ಧೆ, ಮತ್ತು ಚಿತ್ರಕಲಾ ಸ್ಪರ್ಧೆ ಏರ್ಪಡಿಸಲಾಗುವುದು ಎಂದು ತಿಳಿಸಿದರು. ಸಭೆಯಲ್ಲಿ ಜಿಲ್ಲಾ ಪಂಚಾಯತ್ ಮುಖ್ಯ ಕಾರ್ಯನಿರ್ವಾಹಕ ಅಧಿಕಾರಿ ಭರತ್.ಎಸ್., ಸಹಾಯಕ ಆಯುಕ್ತ ಗಂಗಪ್ಪ, ಡಿಡಿಪಿಐ, ಆರ್ ಡಿ ಪಿಆರ್ ಅಧಿಕಾರಿಗಳು, ಸಮಾಜದ ಮುಖಂಡರು ಹಾಗೂ ವಿವಿಧ ಇಲಾಖೆಗಳ ಅಧಿಕಾರಿಗಳು ಉಪಸ್ಥಿತರಿದ್ದರು.
